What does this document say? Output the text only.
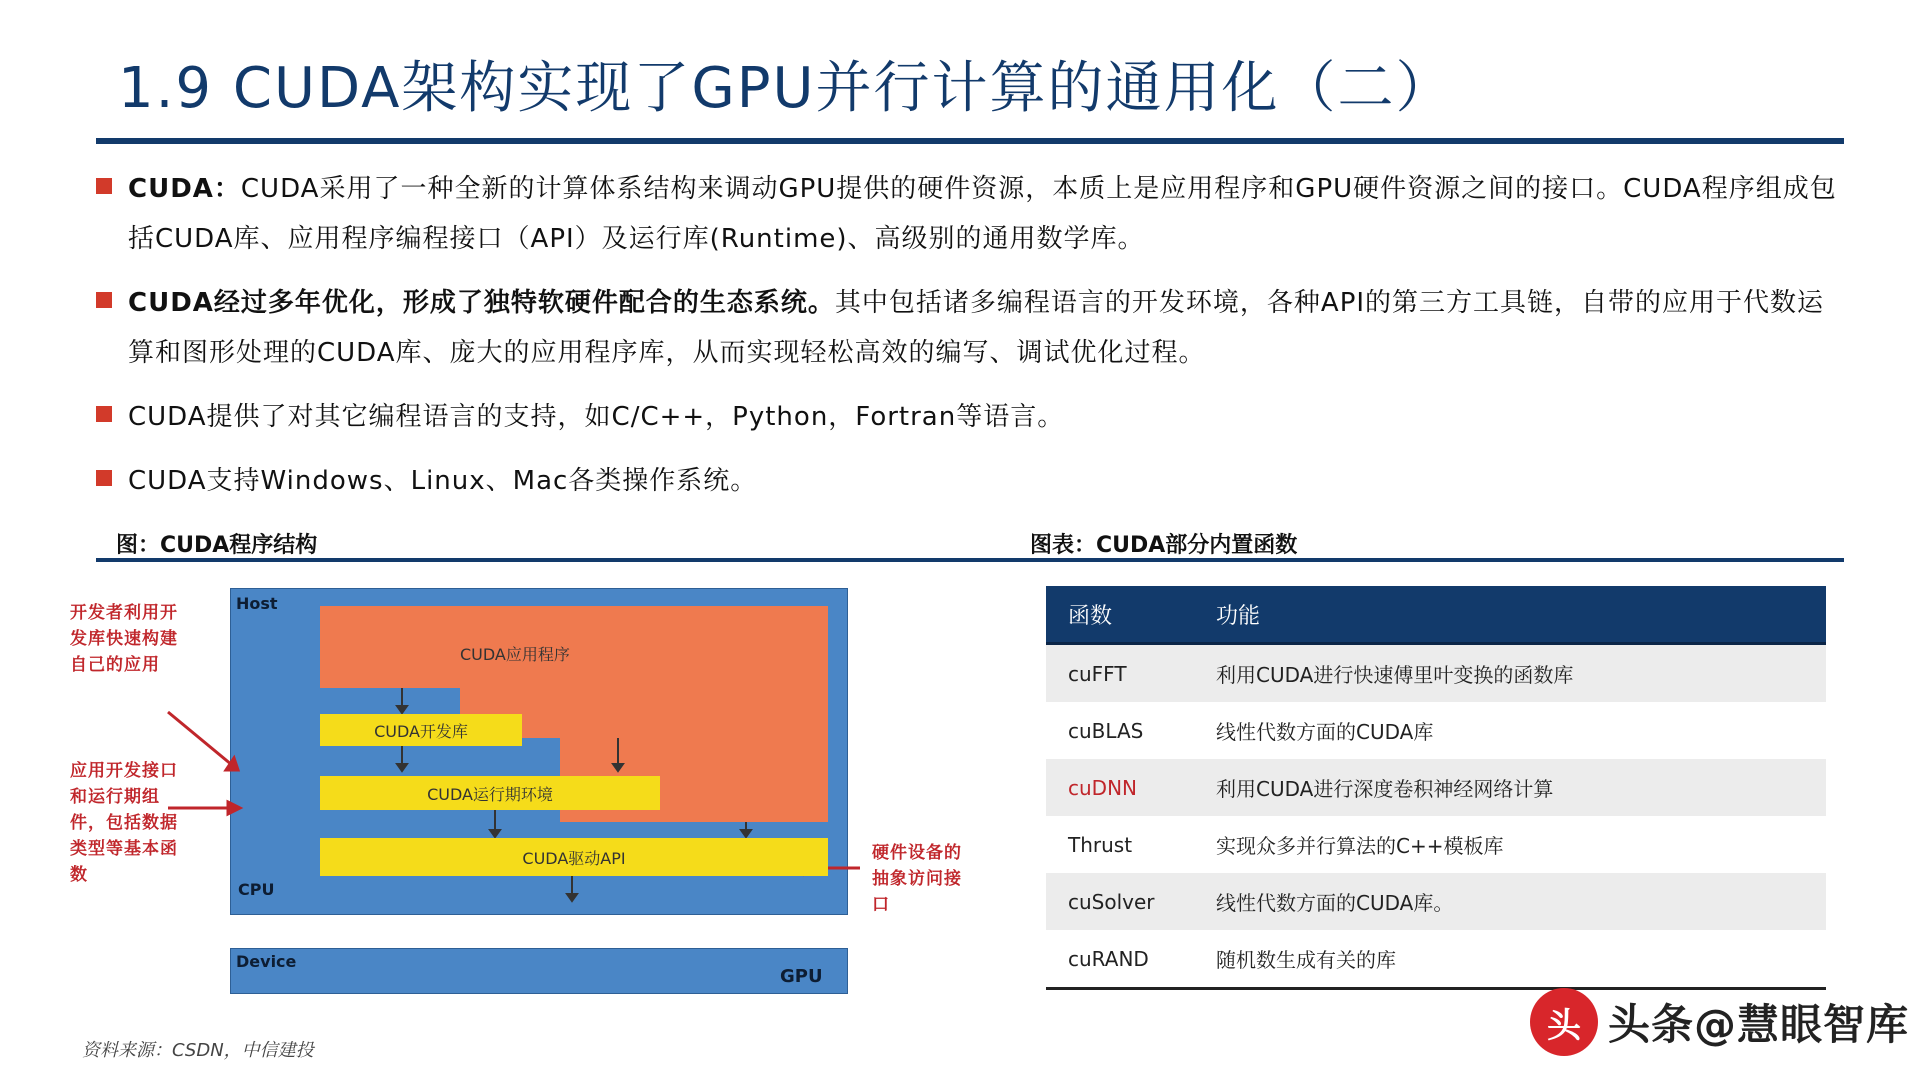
1.9 CUDA架构实现了GPU并行计算的通用化（二）
CUDA：CUDA采用了一种全新的计算体系结构来调动GPU提供的硬件资源，本质上是应用程序和GPU硬件资源之间的接口。CUDA程序组成包括CUDA库、应用程序编程接口（API）及运行库(Runtime)、高级别的通用数学库。
CUDA经过多年优化，形成了独特软硬件配合的生态系统。其中包括诸多编程语言的开发环境，各种API的第三方工具链，自带的应用于代数运算和图形处理的CUDA库、庞大的应用程序库，从而实现轻松高效的编写、调试优化过程。
CUDA提供了对其它编程语言的支持，如C/C++，Python，Fortran等语言。
CUDA支持Windows、Linux、Mac各类操作系统。
图：CUDA程序结构	图表：CUDA部分内置函数
Host
CPU
CUDA应用程序
CUDA开发库
CUDA运行期环境
CUDA驱动API
Device
GPU
开发者利用开发库快速构建自己的应用
应用开发接口和运行期组件，包括数据类型等基本函数
硬件设备的抽象访问接口
函数	功能
cuFFT	利用CUDA进行快速傅里叶变换的函数库
cuBLAS	线性代数方面的CUDA库
cuDNN	利用CUDA进行深度卷积神经网络计算
Thrust	实现众多并行算法的C++模板库
cuSolver	线性代数方面的CUDA库。
cuRAND	随机数生成有关的库
资料来源：CSDN，中信建投
头 头条@慧眼智库
